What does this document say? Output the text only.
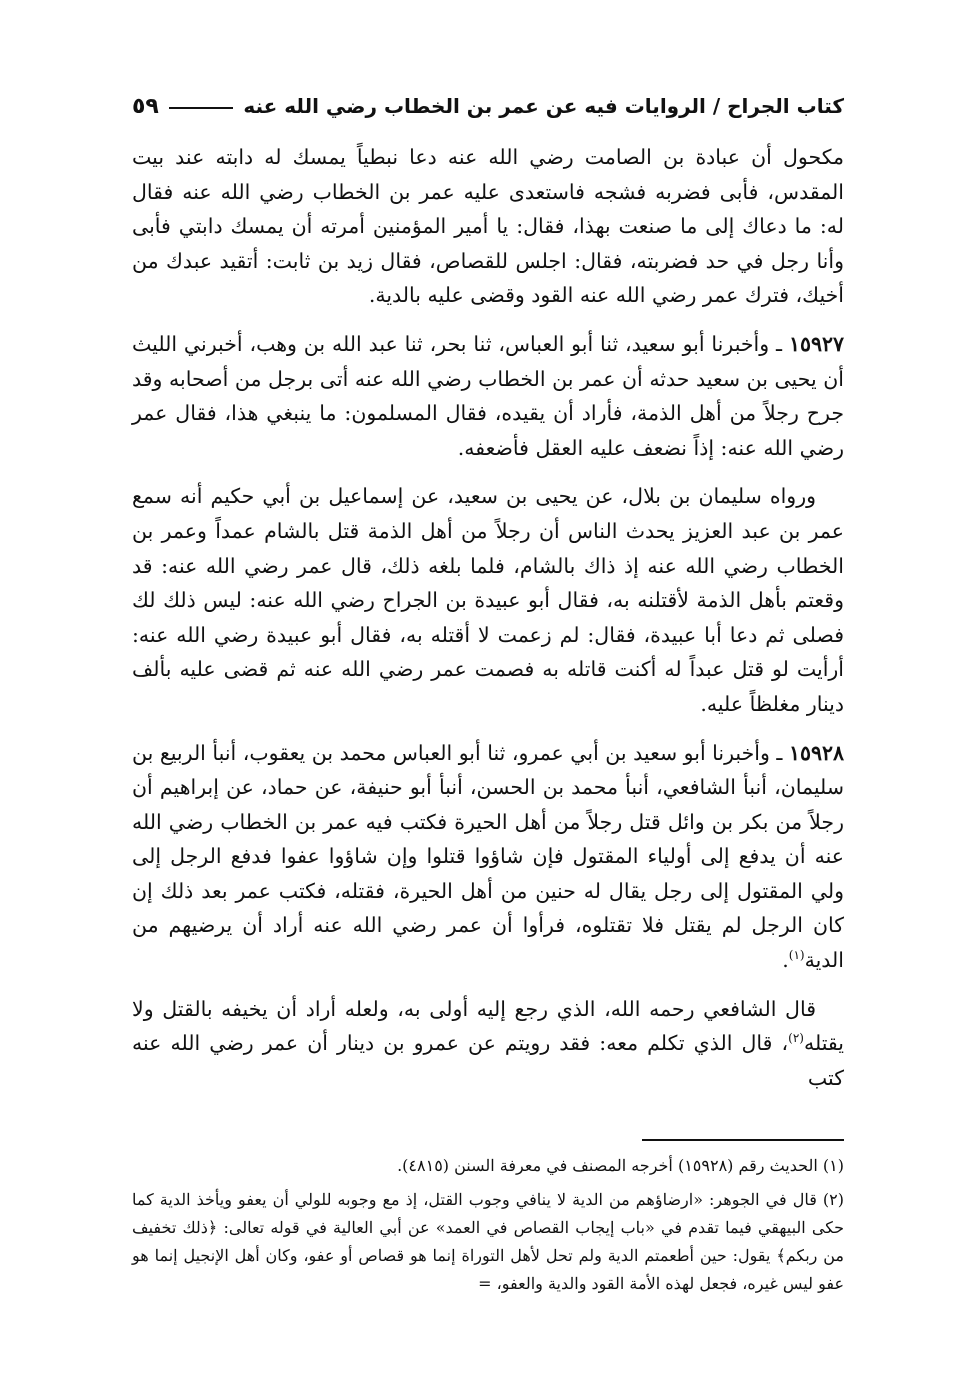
كتاب الجراح / الروايات فيه عن عمر بن الخطاب رضي الله عنه
٥٩

مكحول أن عبادة بن الصامت رضي الله عنه دعا نبطياً يمسك له دابته عند بيت المقدس، فأبى فضربه فشجه فاستعدى عليه عمر بن الخطاب رضي الله عنه فقال له: ما دعاك إلى ما صنعت بهذا، فقال: يا أمير المؤمنين أمرته أن يمسك دابتي فأبى وأنا رجل في حد فضربته، فقال: اجلس للقصاص، فقال زيد بن ثابت: أتقيد عبدك من أخيك، فترك عمر رضي الله عنه القود وقضى عليه بالدية.

١٥٩٢٧ ـ وأخبرنا أبو سعيد، ثنا أبو العباس، ثنا بحر، ثنا عبد الله بن وهب، أخبرني الليث أن يحيى بن سعيد حدثه أن عمر بن الخطاب رضي الله عنه أتى برجل من أصحابه وقد جرح رجلاً من أهل الذمة، فأراد أن يقيده، فقال المسلمون: ما ينبغي هذا، فقال عمر رضي الله عنه: إذاً نضعف عليه العقل فأضعفه.

ورواه سليمان بن بلال، عن يحيى بن سعيد، عن إسماعيل بن أبي حكيم أنه سمع عمر بن عبد العزيز يحدث الناس أن رجلاً من أهل الذمة قتل بالشام عمداً وعمر بن الخطاب رضي الله عنه إذ ذاك بالشام، فلما بلغه ذلك، قال عمر رضي الله عنه: قد وقعتم بأهل الذمة لأقتلنه به، فقال أبو عبيدة بن الجراح رضي الله عنه: ليس ذلك لك فصلى ثم دعا أبا عبيدة، فقال: لم زعمت لا أقتله به، فقال أبو عبيدة رضي الله عنه: أرأيت لو قتل عبداً له أكنت قاتله به فصمت عمر رضي الله عنه ثم قضى عليه بألف دينار مغلظاً عليه.

١٥٩٢٨ ـ وأخبرنا أبو سعيد بن أبي عمرو، ثنا أبو العباس محمد بن يعقوب، أنبأ الربيع بن سليمان، أنبأ الشافعي، أنبأ محمد بن الحسن، أنبأ أبو حنيفة، عن حماد، عن إبراهيم أن رجلاً من بكر بن وائل قتل رجلاً من أهل الحيرة فكتب فيه عمر بن الخطاب رضي الله عنه أن يدفع إلى أولياء المقتول فإن شاؤوا قتلوا وإن شاؤوا عفوا فدفع الرجل إلى ولي المقتول إلى رجل يقال له حنين من أهل الحيرة، فقتله، فكتب عمر بعد ذلك إن كان الرجل لم يقتل فلا تقتلوه، فرأوا أن عمر رضي الله عنه أراد أن يرضيهم من الدية$^{(١)}$.

قال الشافعي رحمه الله، الذي رجع إليه أولى به، ولعله أراد أن يخيفه بالقتل ولا يقتله$^{(٢)}$، قال الذي تكلم معه: فقد رويتم عن عمرو بن دينار أن عمر رضي الله عنه كتب

(١) الحديث رقم (١٥٩٢٨) أخرجه المصنف في معرفة السنن (٤٨١٥).

(٢) قال في الجوهر: «ارضاؤهم من الدية لا ينافي وجوب القتل، إذ مع وجوبه للولي أن يعفو ويأخذ الدية كما حكى البيهقي فيما تقدم في «باب إيجاب القصاص في العمد» عن أبي العالية في قوله تعالى: ﴿ذلك تخفيف من ربكم﴾ يقول: حين أطعمتم الدية ولم تحل لأهل التوراة إنما هو قصاص أو عفو، وكان أهل الإنجيل إنما هو عفو ليس غيره، فجعل لهذه الأمة القود والدية والعفو، =
